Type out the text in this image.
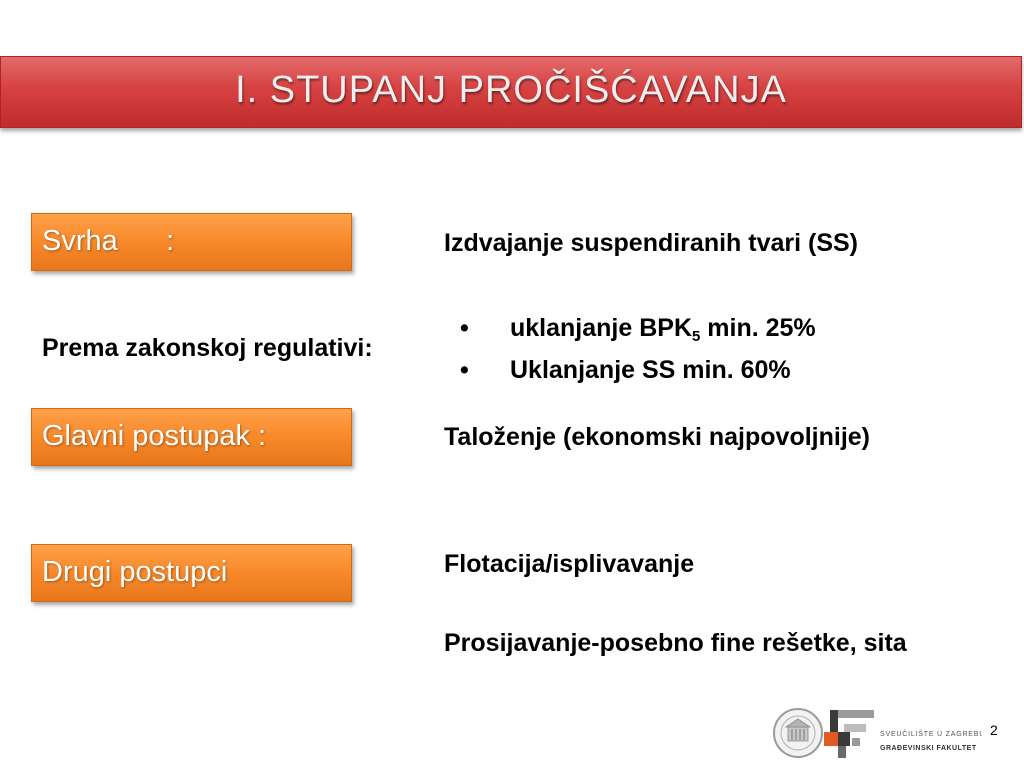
I. STUPANJ PROČIŠĆAVANJA
Svrha      :	Izdvajanje suspendiranih tvari (SS)
Prema zakonskoj regulativi:
• uklanjanje $BPK_5$ min. 25%
• Uklanjanje SS min. 60%
Glavni postupak :	Taloženje (ekonomski najpovoljnije)
Drugi postupci	Flotacija/isplivavanje
Prosijavanje-posebno fine rešetke, sita
SVEUČILIŠTE U ZAGREBU
GRAĐEVINSKI FAKULTET
2
